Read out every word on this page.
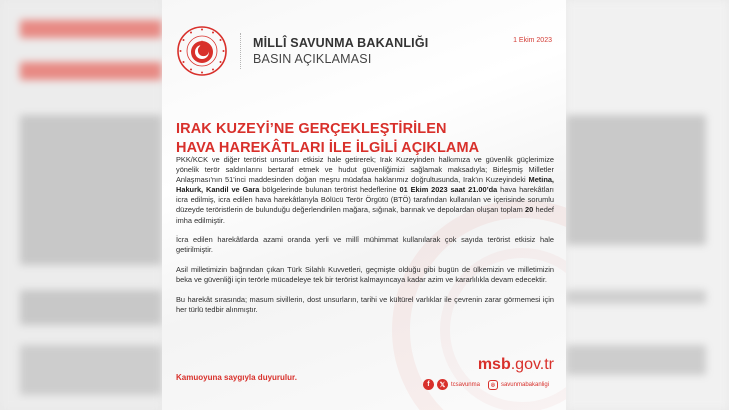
MİLLÎ SAVUNMA BAKANLIĞI
BASIN AÇIKLAMASI
1 Ekim 2023
IRAK KUZEYİ’NE GERÇEKLEŞTİRİLEN
HAVA HAREKÂTLARI İLE İLGİLİ AÇIKLAMA

PKK/KCK ve diğer terörist unsurları etkisiz hale getirerek; Irak Kuzeyinden halkımıza ve güvenlik güçlerimize yönelik terör saldırılarını bertaraf etmek ve hudut güvenliğimizi sağlamak maksadıyla; Birleşmiş Milletler Anlaşması'nın 51'inci maddesinden doğan meşru müdafaa haklarımız doğrultusunda, Irak'ın Kuzeyindeki Metina, Hakurk, Kandil ve Gara bölgelerinde bulunan terörist hedeflerine 01 Ekim 2023 saat 21.00’da hava harekâtları icra edilmiş, icra edilen hava harekâtlarıyla Bölücü Terör Örgütü (BTÖ) tarafından kullanılan ve içerisinde sorumlu düzeyde teröristlerin de bulunduğu değerlendirilen mağara, sığınak, barınak ve depolardan oluşan toplam 20 hedef imha edilmiştir.

İcra edilen harekâtlarda azami oranda yerli ve millî mühimmat kullanılarak çok sayıda terörist etkisiz hale getirilmiştir.

Asil milletimizin bağrından çıkan Türk Silahlı Kuvvetleri, geçmişte olduğu gibi bugün de ülkemizin ve milletimizin beka ve güvenliği için terörle mücadeleye tek bir terörist kalmayıncaya kadar azim ve kararlılıkla devam edecektir.

Bu harekât sırasında; masum sivillerin, dost unsurların, tarihi ve kültürel varlıklar ile çevrenin zarar görmemesi için her türlü tedbir alınmıştır.

Kamuoyuna saygıyla duyurulur.
msb.gov.tr
f	𝕏 tcsavunma	◎ savunmabakanligi
